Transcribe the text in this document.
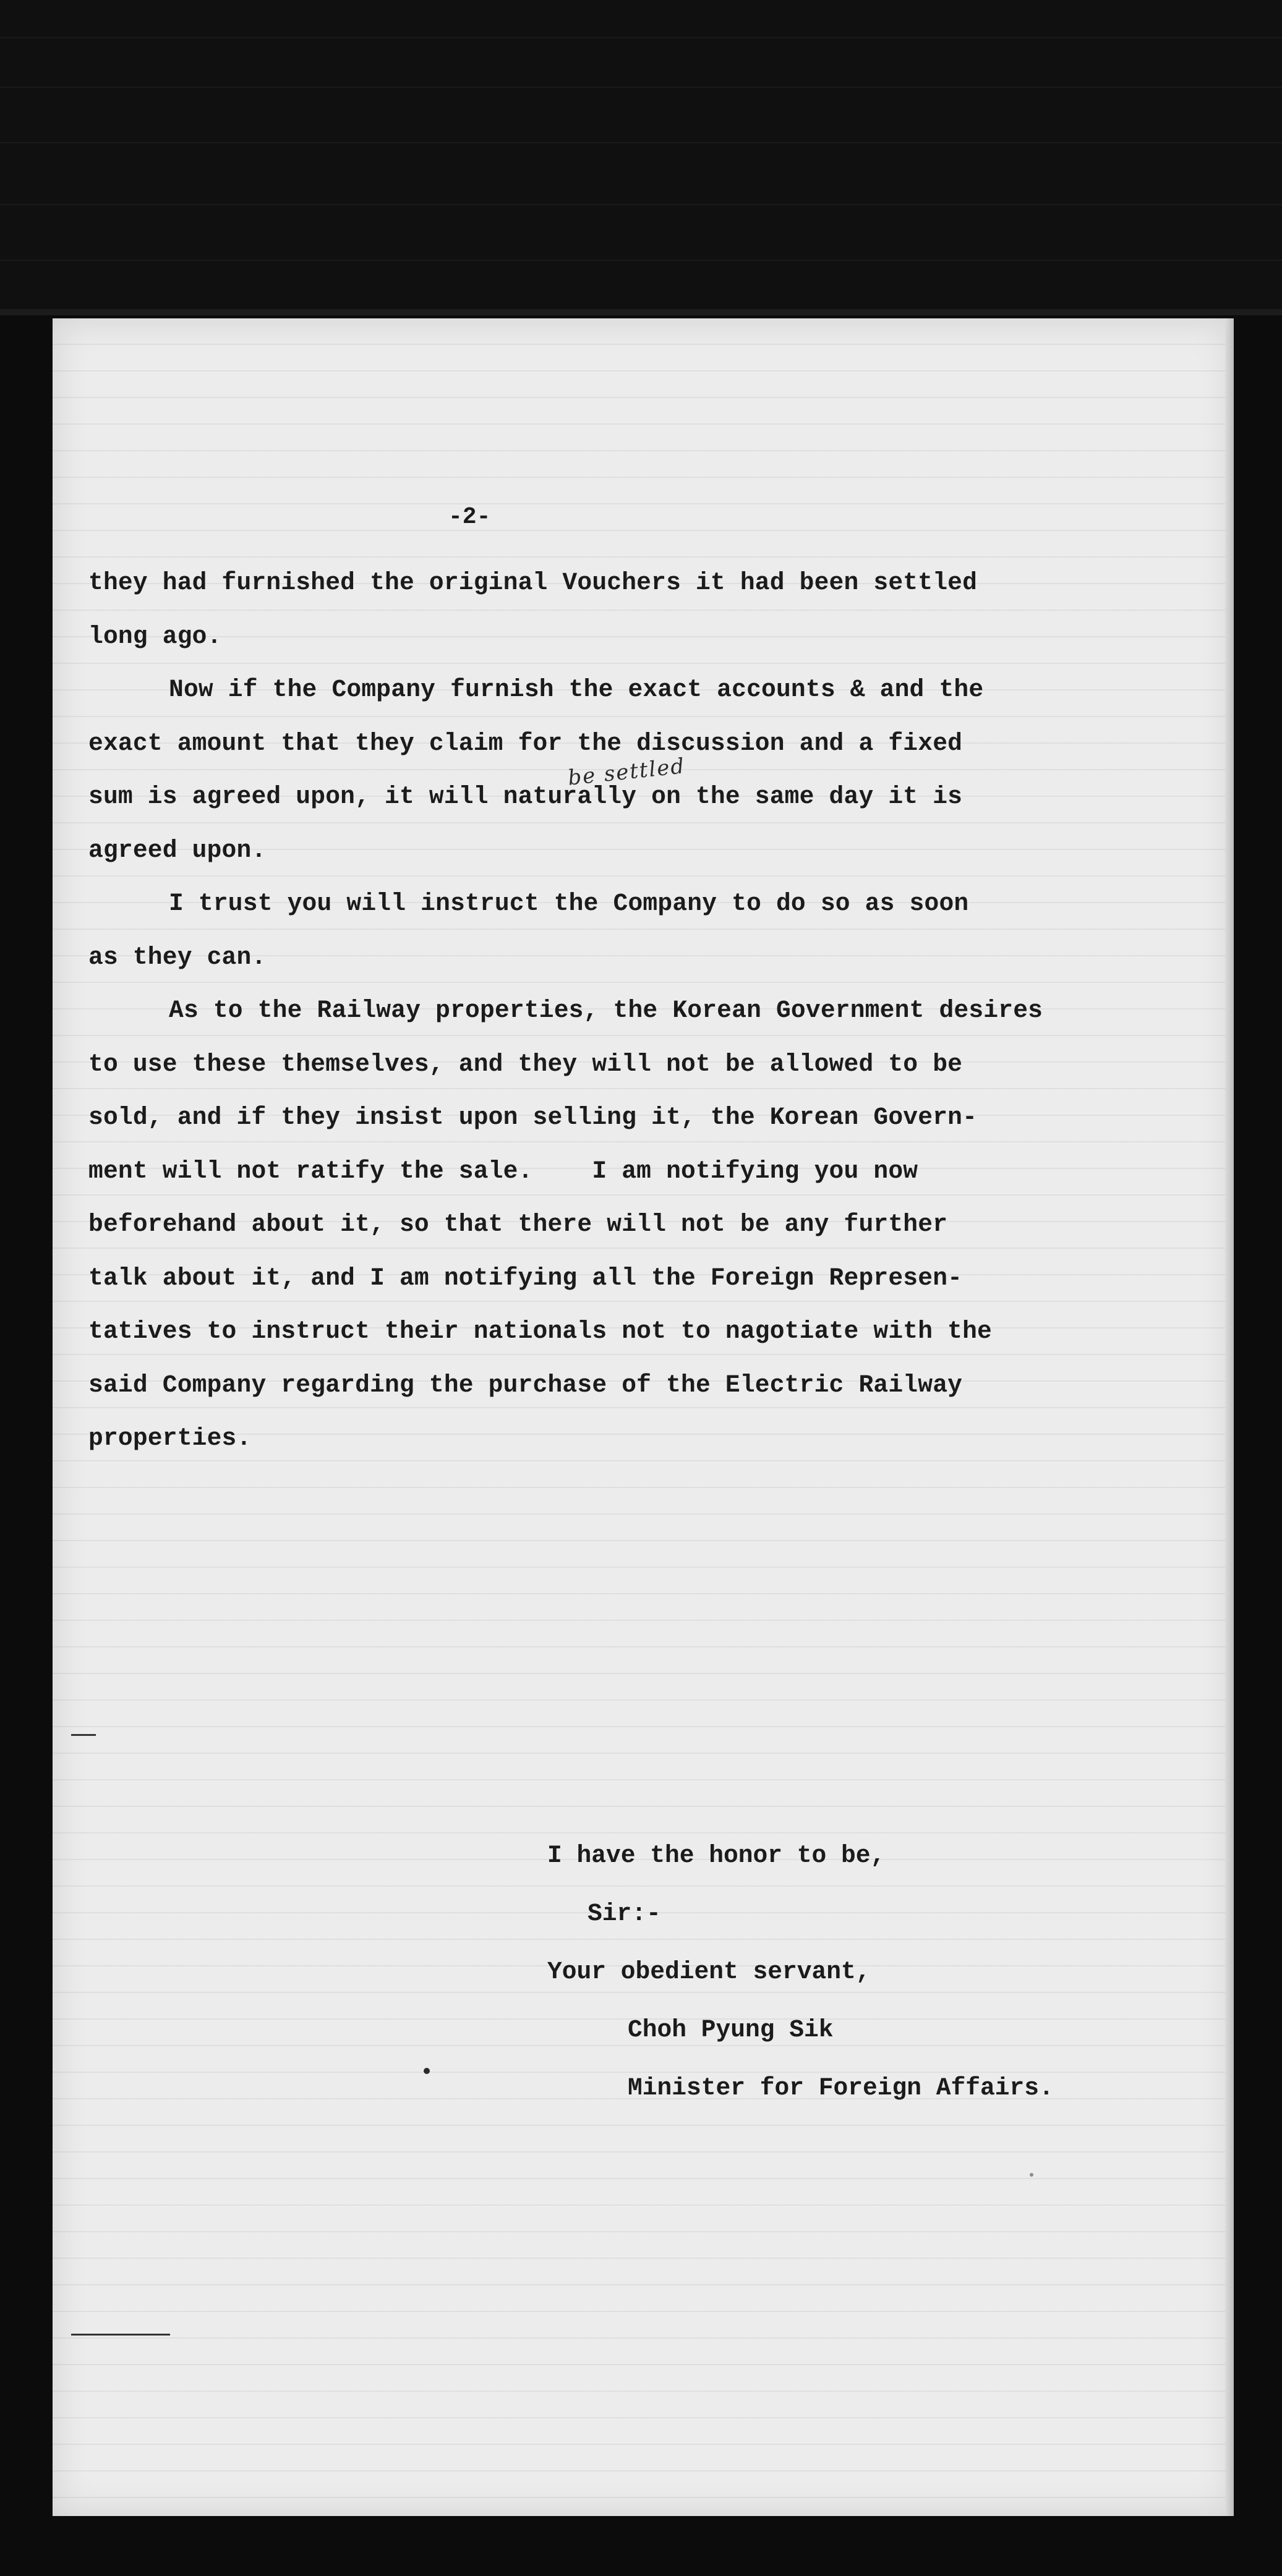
-2-
they had furnished the original Vouchers it had been settled
long ago.
Now if the Company furnish the exact accounts & and the
exact amount that they claim for the discussion and a fixed
sum is agreed upon, it will naturally on the same day it is
be settled
agreed upon.
I trust you will instruct the Company to do so as soon
as they can.
As to the Railway properties, the Korean Government desires
to use these themselves, and they will not be allowed to be
sold, and if they insist upon selling it, the Korean Govern-
ment will not ratify the sale.    I am notifying you now
beforehand about it, so that there will not be any further
talk about it, and I am notifying all the Foreign Represen-
tatives to instruct their nationals not to nagotiate with the
said Company regarding the purchase of the Electric Railway
properties.
I have the honor to be,
Sir:-
Your obedient servant,
Choh Pyung Sik
Minister for Foreign Affairs.
